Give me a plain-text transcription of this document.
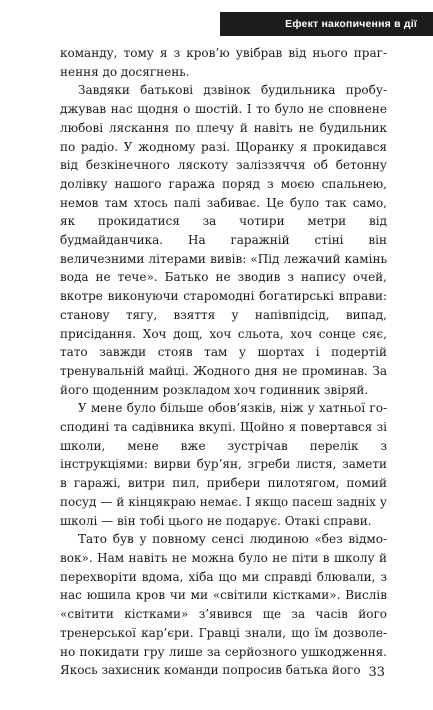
Ефект накопичення в дії

команду, тому я з кров’ю увібрав від нього прагнення до досягнень.

Завдяки батькові дзвінок будильника пробуджував нас щодня о шостій. І то було не сповнене любові ляскання по плечу й навіть не будильник по радіо. У жодному разі. Щоранку я прокидався від безкінечного ляскоту заліззяччя об бетонну долівку нашого гаража поряд з моєю спальнею, немов там хтось палі забиває. Це було так само, як прокидатися за чотири метри від будмайданчика. На гаражній стіні він величезними літерами вивів: «Під лежачий камінь вода не тече». Батько не зводив з напису очей, вкотре виконуючи старомодні богатирські вправи: станову тягу, взяття у напівпідсід, випад, присідання. Хоч дощ, хоч сльота, хоч сонце сяє, тато завжди стояв там у шортах і подертій тренувальній майці. Жодного дня не проминав. За його щоденним розкладом хоч годинник звіряй.

У мене було більше обов’язків, ніж у хатньої господині та садівника вкупі. Щойно я повертався зі школи, мене вже зустрічав перелік з інструкціями: вирви бур’ян, згреби листя, замети в гаражі, витри пил, прибери пилотягом, помий посуд — й кінцякраю немає. І якщо пасеш задніх у школі — він тобі цього не подарує. Отакі справи.

Тато був у повному сенсі людиною «без відмовок». Нам навіть не можна було не піти в школу й перехворіти вдома, хіба що ми справді блювали, з нас юшила кров чи ми «світили кістками». Вислів «світити кістками» з’явився ще за часів його тренерської кар’єри. Гравці знали, що їм дозволено покидати гру лише за серйозного ушкодження. Якось захисник команди попросив батька його 33
